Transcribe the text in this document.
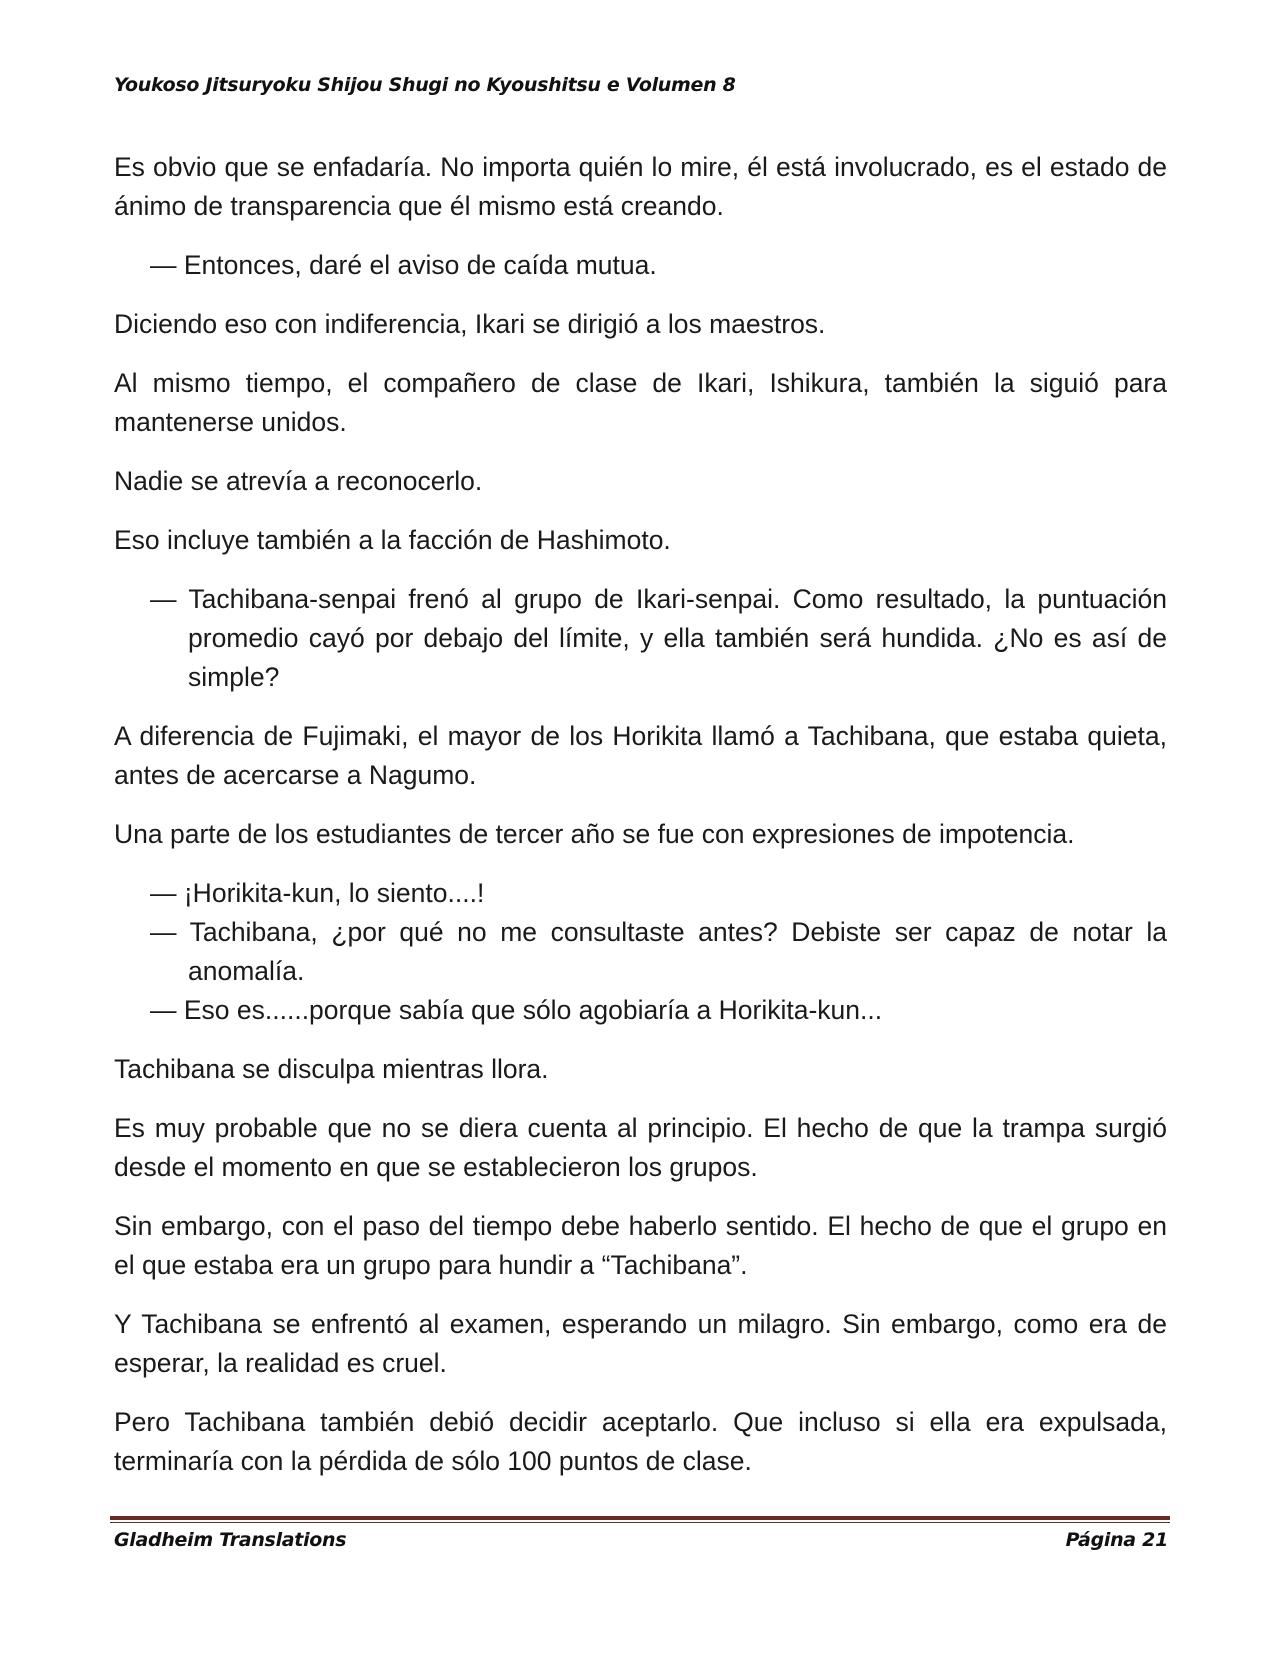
Youkoso Jitsuryoku Shijou Shugi no Kyoushitsu e Volumen 8

Es obvio que se enfadaría. No importa quién lo mire, él está involucrado, es el estado de ánimo de transparencia que él mismo está creando.

— Entonces, daré el aviso de caída mutua.

Diciendo eso con indiferencia, Ikari se dirigió a los maestros.

Al mismo tiempo, el compañero de clase de Ikari, Ishikura, también la siguió para mantenerse unidos.

Nadie se atrevía a reconocerlo.

Eso incluye también a la facción de Hashimoto.

— Tachibana-senpai frenó al grupo de Ikari-senpai. Como resultado, la puntuación promedio cayó por debajo del límite, y ella también será hundida. ¿No es así de simple?

A diferencia de Fujimaki, el mayor de los Horikita llamó a Tachibana, que estaba quieta, antes de acercarse a Nagumo.

Una parte de los estudiantes de tercer año se fue con expresiones de impotencia.

— ¡Horikita-kun, lo siento....!

— Tachibana, ¿por qué no me consultaste antes? Debiste ser capaz de notar la anomalía.

— Eso es......porque sabía que sólo agobiaría a Horikita-kun...

Tachibana se disculpa mientras llora.

Es muy probable que no se diera cuenta al principio. El hecho de que la trampa surgió desde el momento en que se establecieron los grupos.

Sin embargo, con el paso del tiempo debe haberlo sentido. El hecho de que el grupo en el que estaba era un grupo para hundir a “Tachibana”.

Y Tachibana se enfrentó al examen, esperando un milagro. Sin embargo, como era de esperar, la realidad es cruel.

Pero Tachibana también debió decidir aceptarlo. Que incluso si ella era expulsada, terminaría con la pérdida de sólo 100 puntos de clase.

Gladheim Translations	Página 21
